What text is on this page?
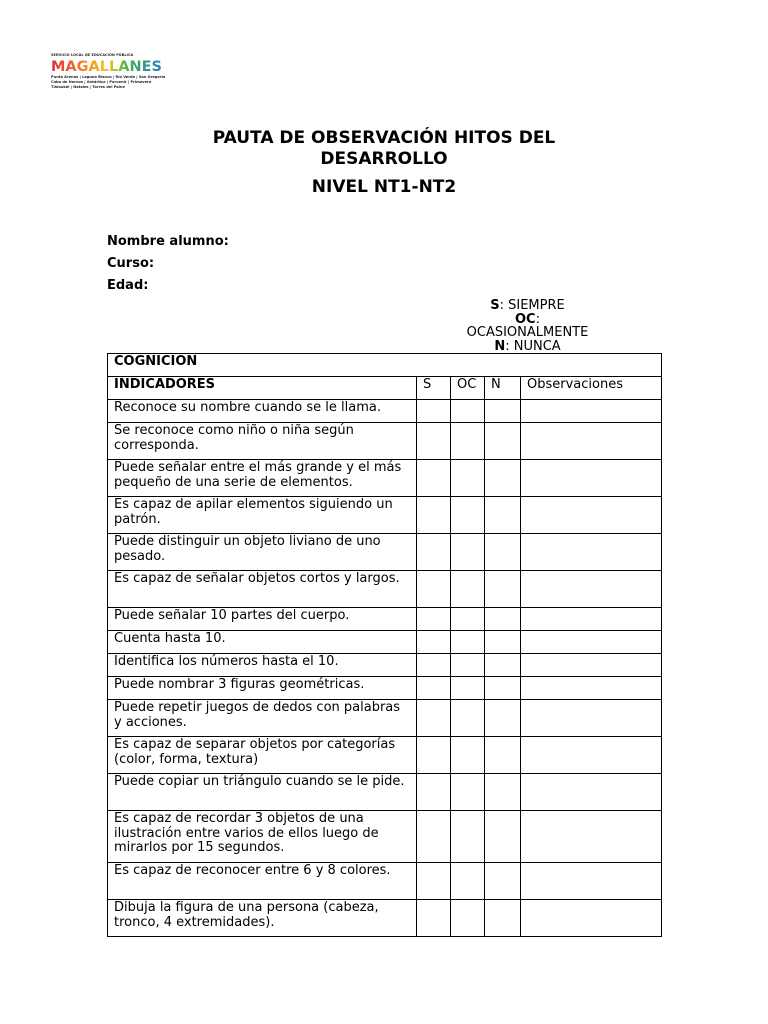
SERVICIO LOCAL DE EDUCACIÓN PÚBLICA
MAGALLANES
Punta Arenas | Laguna Blanca | Río Verde | San Gregorio
Cabo de Hornos | Antártica | Porvenir | Primavera
Timaukel | Natales | Torres del Paine
PAUTA DE OBSERVACIÓN HITOS DEL
DESARROLLO
NIVEL NT1-NT2
Nombre alumno:
Curso:
Edad:
S: SIEMPRE
OC:
OCASIONALMENTE
N: NUNCA
COGNICIÓN				
INDICADORES	S	OC	N	Observaciones
Reconoce su nombre cuando se le llama.				
Se reconoce como niño o niña según corresponda.				
Puede señalar entre el más grande y el más pequeño de una serie de elementos.				
Es capaz de apilar elementos siguiendo un patrón.				
Puede distinguir un objeto liviano de uno pesado.				
Es capaz de señalar objetos cortos y largos.				
Puede señalar 10 partes del cuerpo.				
Cuenta hasta 10.				
Identifica los números hasta el 10.				
Puede nombrar 3 figuras geométricas.				
Puede repetir juegos de dedos con palabras y acciones.				
Es capaz de separar objetos por categorías (color, forma, textura)				
Puede copiar un triángulo cuando se le pide.				
Es capaz de recordar 3 objetos de una ilustración entre varios de ellos luego de mirarlos por 15 segundos.				
Es capaz de reconocer entre 6 y 8 colores.				
Dibuja la figura de una persona (cabeza, tronco, 4 extremidades).				
